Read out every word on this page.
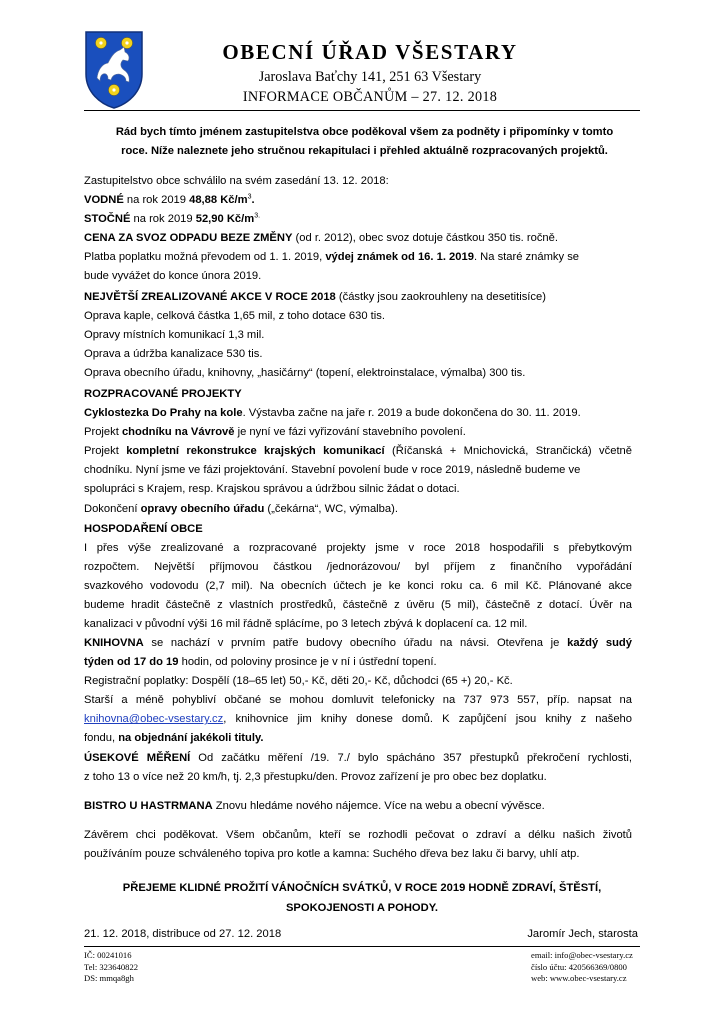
OBECNÍ ÚŘAD VŠESTARY
Jaroslava Baťchy 141, 251 63 Všestary
INFORMACE OBČANŮM – 27. 12. 2018
Rád bych tímto jménem zastupitelstva obce poděkoval všem za podněty i připomínky v tomto
roce. Níže naleznete jeho stručnou rekapitulaci i přehled aktuálně rozpracovaných projektů.
Zastupitelstvo obce schválilo na svém zasedání 13. 12. 2018:
VODNÉ na rok 2019 48,88 $Kč/m^3$.
STOČNÉ na rok 2019 52,90 $Kč/m^{3.}$
CENA ZA SVOZ ODPADU BEZE ZMĚNY (od r. 2012), obec svoz dotuje částkou 350 tis. ročně.
Platba poplatku možná převodem od 1. 1. 2019, výdej známek od 16. 1. 2019. Na staré známky se
bude vyvážet do konce února 2019.
NEJVĚTŠÍ ZREALIZOVANÉ AKCE V ROCE 2018 (částky jsou zaokrouhleny na desetitisíce)
Oprava kaple, celková částka 1,65 mil, z toho dotace 630 tis.
Opravy místních komunikací 1,3 mil.
Oprava a údržba kanalizace 530 tis.
Oprava obecního úřadu, knihovny, „hasičárny“ (topení, elektroinstalace, výmalba) 300 tis.
ROZPRACOVANÉ PROJEKTY
Cyklostezka Do Prahy na kole. Výstavba začne na jaře r. 2019 a bude dokončena do 30. 11. 2019.
Projekt chodníku na Vávrově je nyní ve fázi vyřizování stavebního povolení.
Projekt kompletní rekonstrukce krajských komunikací (Říčanská + Mnichovická, Strančická) včetně
chodníku. Nyní jsme ve fázi projektování. Stavební povolení bude v roce 2019, následně budeme ve
spolupráci s Krajem, resp. Krajskou správou a údržbou silnic žádat o dotaci.
Dokončení opravy obecního úřadu („čekárna“, WC, výmalba).
HOSPODAŘENÍ OBCE
I přes výše zrealizované a rozpracované projekty jsme v roce 2018 hospodařili s přebytkovým
rozpočtem. Největší příjmovou částkou /jednorázovou/ byl příjem z finančního vypořádání
svazkového vodovodu (2,7 mil). Na obecních účtech je ke konci roku ca. 6 mil Kč. Plánované akce
budeme hradit částečně z vlastních prostředků, částečně z úvěru (5 mil), částečně z dotací. Úvěr na
kanalizaci v původní výši 16 mil řádně splácíme, po 3 letech zbývá k doplacení ca. 12 mil.
KNIHOVNA se nachází v prvním patře budovy obecního úřadu na návsi. Otevřena je každý sudý
týden od 17 do 19 hodin, od poloviny prosince je v ní i ústřední topení.
Registrační poplatky: Dospělí (18–65 let) 50,- Kč, děti 20,- Kč, důchodci (65 +) 20,- Kč.
Starší a méně pohybliví občané se mohou domluvit telefonicky na 737 973 557, příp. napsat na
knihovna@obec-vsestary.cz, knihovnice jim knihy donese domů. K zapůjčení jsou knihy z našeho
fondu, na objednání jakékoli tituly.
ÚSEKOVÉ MĚŘENÍ Od začátku měření /19. 7./ bylo spácháno 357 přestupků překročení rychlosti,
z toho 13 o více než 20 km/h, tj. 2,3 přestupku/den. Provoz zařízení je pro obec bez doplatku.
BISTRO U HASTRMANA Znovu hledáme nového nájemce. Více na webu a obecní vývěsce.
Závěrem chci poděkovat. Všem občanům, kteří se rozhodli pečovat o zdraví a délku našich životů
používáním pouze schváleného topiva pro kotle a kamna: Suchého dřeva bez laku či barvy, uhlí atp.
PŘEJEME KLIDNÉ PROŽITÍ VÁNOČNÍCH SVÁTKŮ, V ROCE 2019 HODNĚ ZDRAVÍ, ŠTĚSTÍ,
SPOKOJENOSTI A POHODY.
21. 12. 2018, distribuce od 27. 12. 2018	Jaromír Jech, starosta
IČ: 00241016
Tel: 323640822
DS: mmqa8gh
email: info@obec-vsestary.cz
číslo účtu: 420566369/0800
web: www.obec-vsestary.cz
